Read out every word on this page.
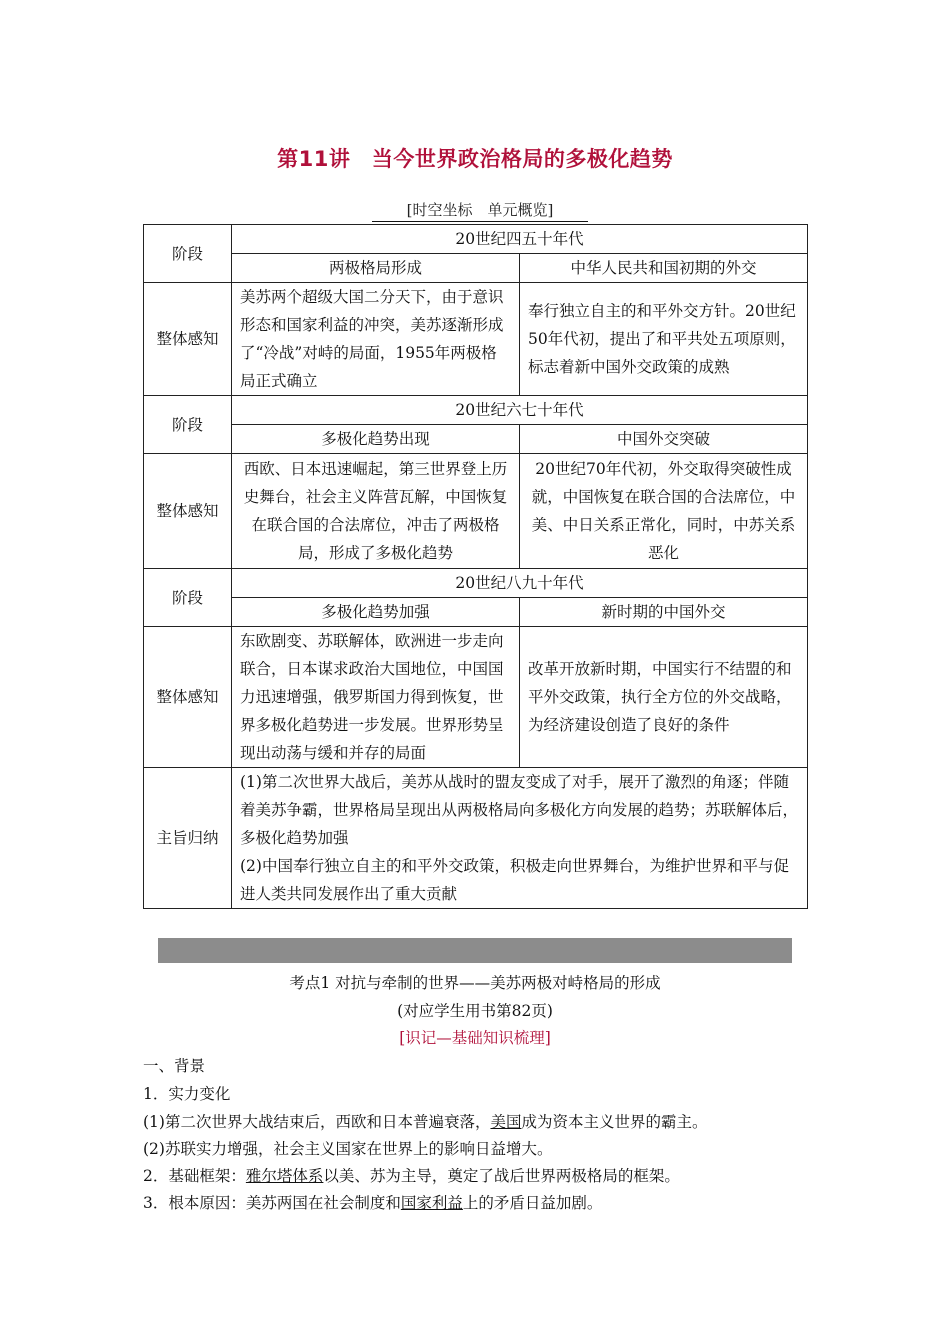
第11讲　当今世界政治格局的多极化趋势
[时空坐标　单元概览]
阶段	20世纪四五十年代	
	两极格局形成	中华人民共和国初期的外交
整体感知	美苏两个超级大国二分天下，由于意识形态和国家利益的冲突，美苏逐渐形成了“冷战”对峙的局面，1955年两极格局正式确立	奉行独立自主的和平外交方针。20世纪50年代初，提出了和平共处五项原则，标志着新中国外交政策的成熟
阶段	20世纪六七十年代	
	多极化趋势出现	中国外交突破
整体感知	西欧、日本迅速崛起，第三世界登上历史舞台，社会主义阵营瓦解，中国恢复在联合国的合法席位，冲击了两极格局，形成了多极化趋势	20世纪70年代初，外交取得突破性成就，中国恢复在联合国的合法席位，中美、中日关系正常化，同时，中苏关系恶化
阶段	20世纪八九十年代	
	多极化趋势加强	新时期的中国外交
整体感知	东欧剧变、苏联解体，欧洲进一步走向联合，日本谋求政治大国地位，中国国力迅速增强，俄罗斯国力得到恢复，世界多极化趋势进一步发展。世界形势呈现出动荡与缓和并存的局面	改革开放新时期，中国实行不结盟的和平外交政策，执行全方位的外交战略，为经济建设创造了良好的条件
主旨归纳	(1)第二次世界大战后，美苏从战时的盟友变成了对手，展开了激烈的角逐；伴随着美苏争霸，世界格局呈现出从两极格局向多极化方向发展的趋势；苏联解体后，多极化趋势加强
(2)中国奉行独立自主的和平外交政策，积极走向世界舞台，为维护世界和平与促进人类共同发展作出了重大贡献	
考点1 对抗与牵制的世界——美苏两极对峙格局的形成
(对应学生用书第82页)
[识记—基础知识梳理]
一、背景
1．实力变化
(1)第二次世界大战结束后，西欧和日本普遍衰落，美国成为资本主义世界的霸主。
(2)苏联实力增强，社会主义国家在世界上的影响日益增大。
2．基础框架：雅尔塔体系以美、苏为主导，奠定了战后世界两极格局的框架。
3．根本原因：美苏两国在社会制度和国家利益上的矛盾日益加剧。
